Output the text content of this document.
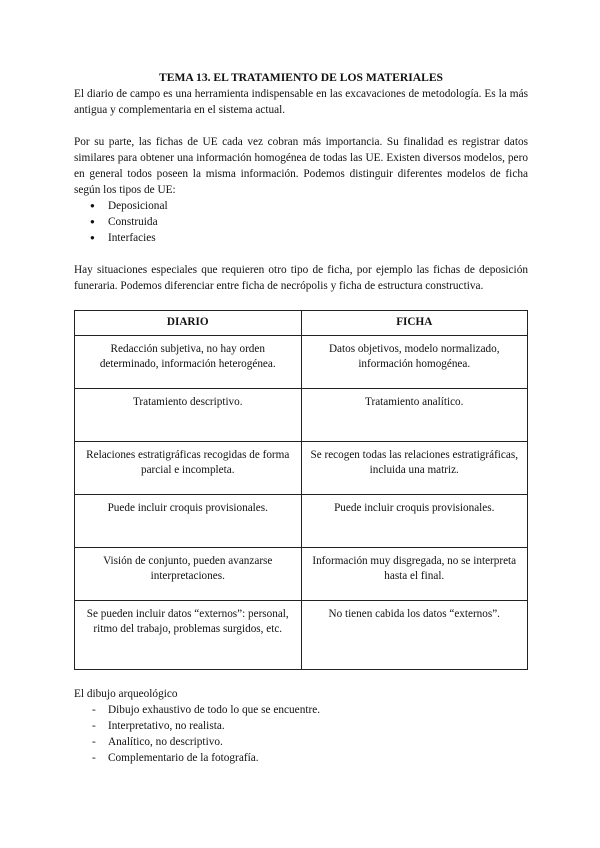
TEMA 13. EL TRATAMIENTO DE LOS MATERIALES

El diario de campo es una herramienta indispensable en las excavaciones de metodología. Es la más antigua y complementaria en el sistema actual.

Por su parte, las fichas de UE cada vez cobran más importancia. Su finalidad es registrar datos similares para obtener una información homogénea de todas las UE. Existen diversos modelos, pero en general todos poseen la misma información. Podemos distinguir diferentes modelos de ficha según los tipos de UE:

● Deposicional
● Construida
● Interfacies

Hay situaciones especiales que requieren otro tipo de ficha, por ejemplo las fichas de deposición funeraria. Podemos diferenciar entre ficha de necrópolis y ficha de estructura constructiva.

DIARIO	FICHA
Redacción subjetiva, no hay orden determinado, información heterogénea.	Datos objetivos, modelo normalizado, información homogénea.
Tratamiento descriptivo.	Tratamiento analítico.
Relaciones estratigráficas recogidas de forma parcial e incompleta.	Se recogen todas las relaciones estratigráficas, incluida una matriz.
Puede incluir croquis provisionales.	Puede incluir croquis provisionales.
Visión de conjunto, pueden avanzarse interpretaciones.	Información muy disgregada, no se interpreta hasta el final.
Se pueden incluir datos “externos”: personal, ritmo del trabajo, problemas surgidos, etc.	No tienen cabida los datos “externos”.

El dibujo arqueológico

- Dibujo exhaustivo de todo lo que se encuentre.
- Interpretativo, no realista.
- Analítico, no descriptivo.
- Complementario de la fotografía.
